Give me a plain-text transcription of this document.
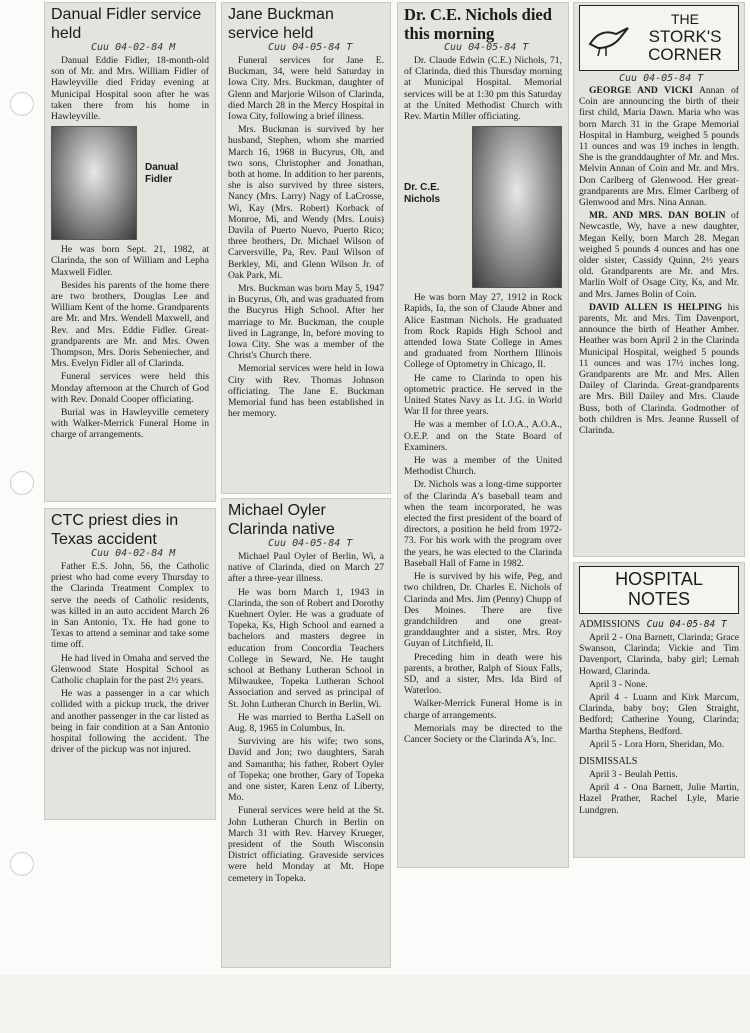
Danual Fidler service held
Cuu 04-02-84 M

Danual Eddie Fidler, 18-month-old son of Mr. and Mrs. William Fidler of Hawleyville died Friday evening at Municipal Hospital soon after he was taken there from his home in Hawleyville.

Danual
Fidler

He was born Sept. 21, 1982, at Clarinda, the son of William and Lepha Maxwell Fidler.

Besides his parents of the home there are two brothers, Douglas Lee and William Kent of the home. Grandparents are Mr. and Mrs. Wendell Maxwell, and Rev. and Mrs. Eddie Fidler. Great-grandparents are Mr. and Mrs. Owen Thompson, Mrs. Doris Sebeniecher, and Mrs. Evelyn Fidler all of Clarinda.

Funeral services were held this Monday afternoon at the Church of God with Rev. Donald Cooper officiating.

Burial was in Hawleyville cemetery with Walker-Merrick Funeral Home in charge of arrangements.

CTC priest dies in Texas accident
Cuu 04-02-84 M

Father E.S. John, 56, the Catholic priest who had come every Thursday to the Clarinda Treatment Complex to serve the needs of Catholic residents, was killed in an auto accident March 26 in San Antonio, Tx. He had gone to Texas to attend a seminar and take some time off.

He had lived in Omaha and served the Glenwood State Hospital School as Catholic chaplain for the past 2½ years.

He was a passenger in a car which collided with a pickup truck, the driver and another passenger in the car listed as being in fair condition at a San Antonio hospital following the accident. The driver of the pickup was not injured.

Jane Buckman service held
Cuu 04-05-84 T

Funeral services for Jane E. Buckman, 34, were held Saturday in Iowa City. Mrs. Buckman, daughter of Glenn and Marjorie Wilson of Clarinda, died March 28 in the Mercy Hospital in Iowa City, following a brief illness.

Mrs. Buckman is survived by her husband, Stephen, whom she married March 16, 1968 in Bucyrus, Oh, and two sons, Christopher and Jonathan, both at home. In addition to her parents, she is also survived by three sisters, Nancy (Mrs. Larry) Nagy of LaCrosse, Wi, Kay (Mrs. Robert) Korback of Monroe, Mi, and Wendy (Mrs. Louis) Davila of Puerto Nuevo, Puerto Rico; three brothers, Dr. Michael Wilson of Carversville, Pa, Rev. Paul Wilson of Berkley, Mi, and Glenn Wilson Jr. of Oak Park, Mi.

Mrs. Buckman was born May 5, 1947 in Bucyrus, Oh, and was graduated from the Bucyrus High School. After her marriage to Mr. Buckman, the couple lived in Lagrange, In, before moving to Iowa City. She was a member of the Christ's Church there.

Memorial services were held in Iowa City with Rev. Thomas Johnson officiating. The Jane E. Buckman Memorial fund has been established in her memory.

Michael Oyler Clarinda native
Cuu 04-05-84 T

Michael Paul Oyler of Berlin, Wi, a native of Clarinda, died on March 27 after a three-year illness.

He was born March 1, 1943 in Clarinda, the son of Robert and Dorothy Kuehnert Oyler. He was a graduate of Topeka, Ks, High School and earned a bachelors and masters degree in education from Concordia Teachers College in Seward, Ne. He taught school at Bethany Lutheran School in Milwaukee, Topeka Lutheran School Association and served as principal of St. John Lutheran Church in Berlin, Wi.

He was married to Bertha LaSell on Aug. 8, 1965 in Columbus, In.

Surviving are his wife; two sons, David and Jon; two daughters, Sarah and Samantha; his father, Robert Oyler of Topeka; one brother, Gary of Topeka and one sister, Karen Lenz of Liberty, Mo.

Funeral services were held at the St. John Lutheran Church in Berlin on March 31 with Rev. Harvey Krueger, president of the South Wisconsin District officiating. Graveside services were held Monday at Mt. Hope cemetery in Topeka.

Dr. C.E. Nichols died this morning
Cuu 04-05-84 T

Dr. Claude Edwin (C.E.) Nichols, 71, of Clarinda, died this Thursday morning at Municipal Hospital. Memorial services will be at 1:30 pm this Saturday at the United Methodist Church with Rev. Martin Miller officiating.

Dr. C.E.
Nichols

He was born May 27, 1912 in Rock Rapids, Ia, the son of Claude Abner and Alice Eastman Nichols. He graduated from Rock Rapids High School and attended Iowa State College in Ames and graduated from Northern Illinois College of Optometry in Chicago, Il.

He came to Clarinda to open his optometric practice. He served in the United States Navy as Lt. J.G. in World War II for three years.

He was a member of I.O.A., A.O.A., O.E.P. and on the State Board of Examiners.

He was a member of the United Methodist Church.

Dr. Nichols was a long-time supporter of the Clarinda A's baseball team and when the team incorporated, he was elected the first president of the board of directors, a position he held from 1972-73. For his work with the program over the years, he was elected to the Clarinda Baseball Hall of Fame in 1982.

He is survived by his wife, Peg, and two children, Dr. Charles E. Nichols of Clarinda and Mrs. Jim (Penny) Chupp of Des Moines. There are five grandchildren and one great-granddaughter and a sister, Mrs. Roy Guyan of Litchfield, Il.

Preceding him in death were his parents, a brother, Ralph of Sioux Falls, SD, and a sister, Mrs. Ida Bird of Waterloo.

Walker-Merrick Funeral Home is in charge of arrangements.

Memorials may be directed to the Cancer Society or the Clarinda A's, Inc.

THE
STORK'S
CORNER
Cuu 04-05-84 T

GEORGE AND VICKI Annan of Coin are announcing the birth of their first child, Maria Dawn. Maria who was born March 31 in the Grape Memorial Hospital in Hamburg, weighed 5 pounds 11 ounces and was 19 inches in length. She is the granddaughter of Mr. and Mrs. Melvin Annan of Coin and Mr. and Mrs. Don Carlberg of Glenwood. Her great-grandparents are Mrs. Elmer Carlberg of Glenwood and Mrs. Nina Annan.

MR. AND MRS. DAN BOLIN of Newcastle, Wy, have a new daughter, Megan Kelly, born March 28. Megan weighed 5 pounds 4 ounces and has one older sister, Cassidy Quinn, 2½ years old. Grandparents are Mr. and Mrs. Marlin Wolf of Osage City, Ks, and Mr. and Mrs. James Bolin of Coin.

DAVID ALLEN IS HELPING his parents, Mr. and Mrs. Tim Davenport, announce the birth of Heather Amber. Heather was born April 2 in the Clarinda Municipal Hospital, weighed 5 pounds 11 ounces and was 17½ inches long. Grandparents are Mr. and Mrs. Allen Dailey of Clarinda. Great-grandparents are Mrs. Bill Dailey and Mrs. Claude Buss, both of Clarinda. Godmother of both children is Mrs. Jeanne Russell of Clarinda.

HOSPITAL
NOTES
ADMISSIONS Cuu 04-05-84 T

April 2 - Ona Barnett, Clarinda; Grace Swanson, Clarinda; Vickie and Tim Davenport, Clarinda, baby girl; Lemah Howard, Clarinda.

April 3 - None.

April 4 - Luann and Kirk Marcum, Clarinda, baby boy; Glen Straight, Bedford; Catherine Young, Clarinda; Martha Stephens, Bedford.

April 5 - Lora Horn, Sheridan, Mo.

DISMISSALS

April 3 - Beulah Pettis.

April 4 - Ona Barnett, Julie Martin, Hazel Prather, Rachel Lyle, Marie Lundgren.
